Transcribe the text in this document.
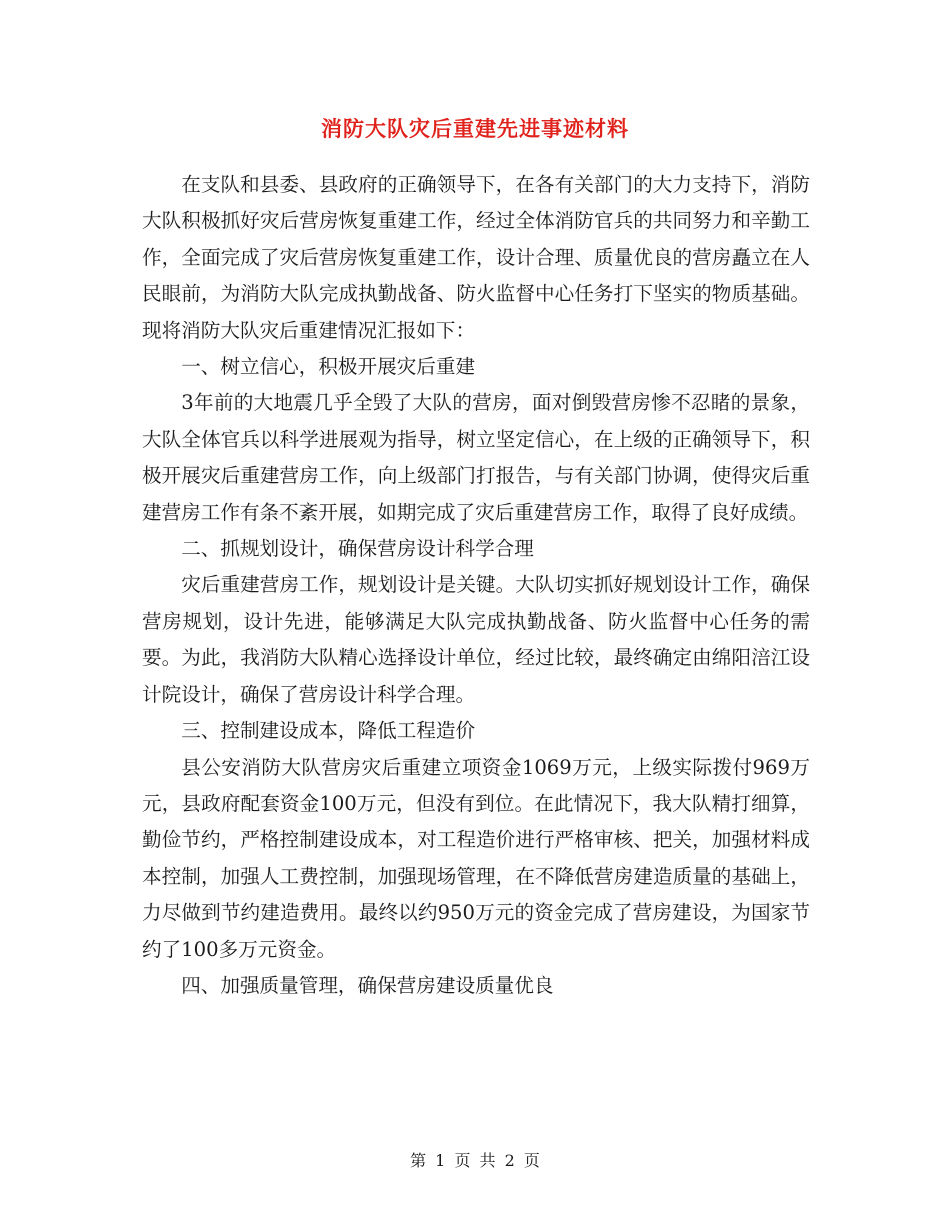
消防大队灾后重建先进事迹材料

在支队和县委、县政府的正确领导下，在各有关部门的大力支持下，消防大队积极抓好灾后营房恢复重建工作，经过全体消防官兵的共同努力和辛勤工作，全面完成了灾后营房恢复重建工作，设计合理、质量优良的营房矗立在人民眼前，为消防大队完成执勤战备、防火监督中心任务打下坚实的物质基础。现将消防大队灾后重建情况汇报如下：

一、树立信心，积极开展灾后重建

3年前的大地震几乎全毁了大队的营房，面对倒毁营房惨不忍睹的景象，大队全体官兵以科学进展观为指导，树立坚定信心，在上级的正确领导下，积极开展灾后重建营房工作，向上级部门打报告，与有关部门协调，使得灾后重建营房工作有条不紊开展，如期完成了灾后重建营房工作，取得了良好成绩。

二、抓规划设计，确保营房设计科学合理

灾后重建营房工作，规划设计是关键。大队切实抓好规划设计工作，确保营房规划，设计先进，能够满足大队完成执勤战备、防火监督中心任务的需要。为此，我消防大队精心选择设计单位，经过比较，最终确定由绵阳涪江设计院设计，确保了营房设计科学合理。

三、控制建设成本，降低工程造价

县公安消防大队营房灾后重建立项资金1069万元，上级实际拨付969万元，县政府配套资金100万元，但没有到位。在此情况下，我大队精打细算，勤俭节约，严格控制建设成本，对工程造价进行严格审核、把关，加强材料成本控制，加强人工费控制，加强现场管理，在不降低营房建造质量的基础上，力尽做到节约建造费用。最终以约950万元的资金完成了营房建设，为国家节约了100多万元资金。

四、加强质量管理，确保营房建设质量优良

第 1 页 共 2 页
